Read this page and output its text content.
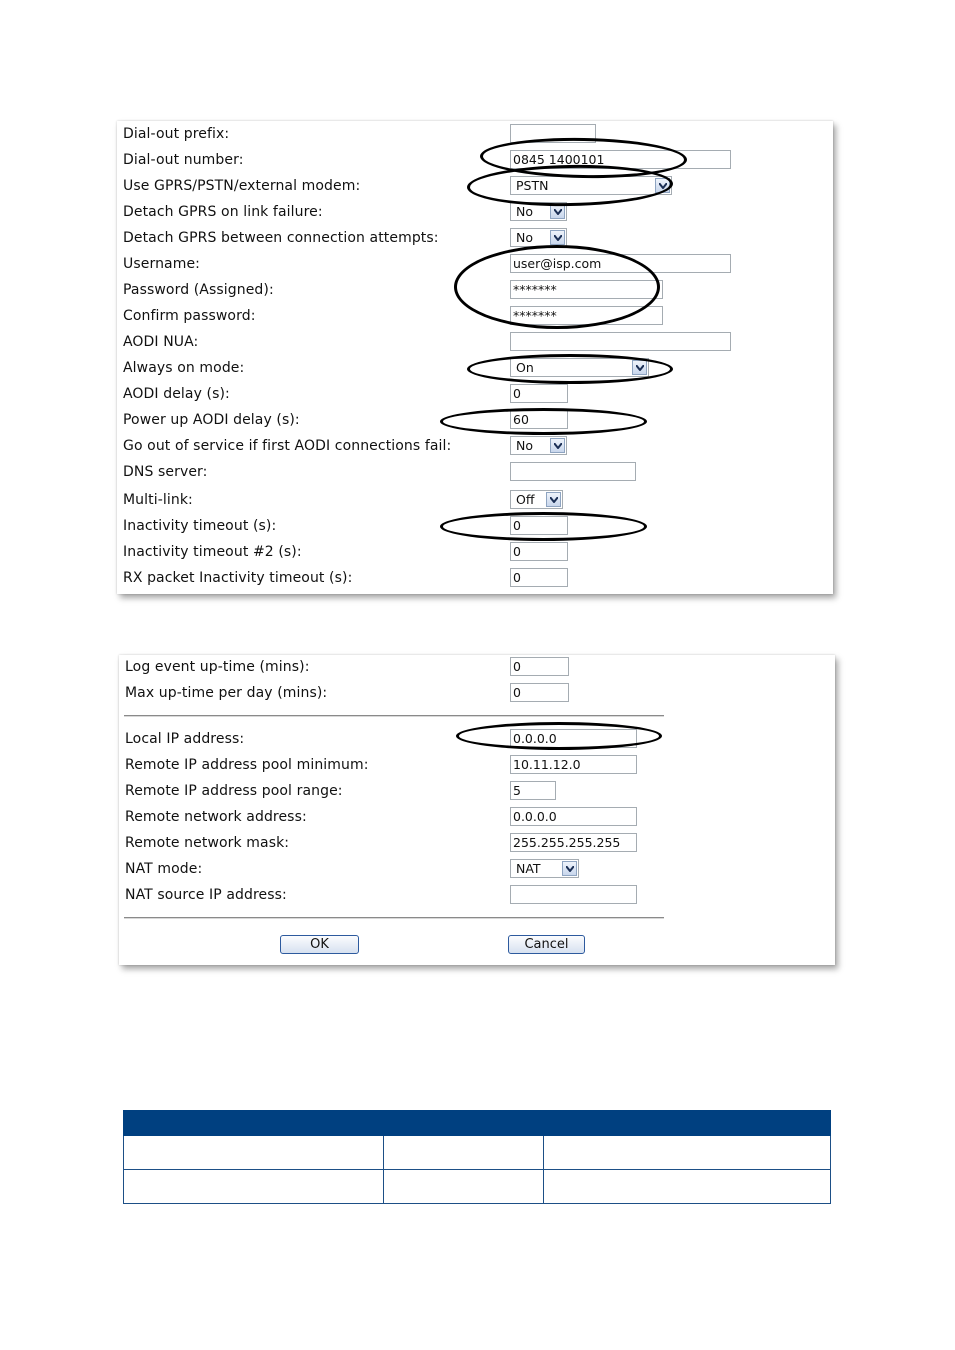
Dial-out prefix:
Dial-out number:	0845 1400101
Use GPRS/PSTN/external modem:	PSTN
Detach GPRS on link failure:	No
Detach GPRS between connection attempts:	No
Username:	user@isp.com
Password (Assigned):	*******
Confirm password:	*******
AODI NUA:
Always on mode:	On
AODI delay (s):	0
Power up AODI delay (s):	60
Go out of service if first AODI connections fail:	No
DNS server:
Multi-link:	Off
Inactivity timeout (s):	0
Inactivity timeout #2 (s):	0
RX packet Inactivity timeout (s):	0
Log event up-time (mins):	0
Max up-time per day (mins):	0
Local IP address:	0.0.0.0
Remote IP address pool minimum:	10.11.12.0
Remote IP address pool range:	5
Remote network address:	0.0.0.0
Remote network mask:	255.255.255.255
NAT mode:	NAT
NAT source IP address:
OK	Cancel
